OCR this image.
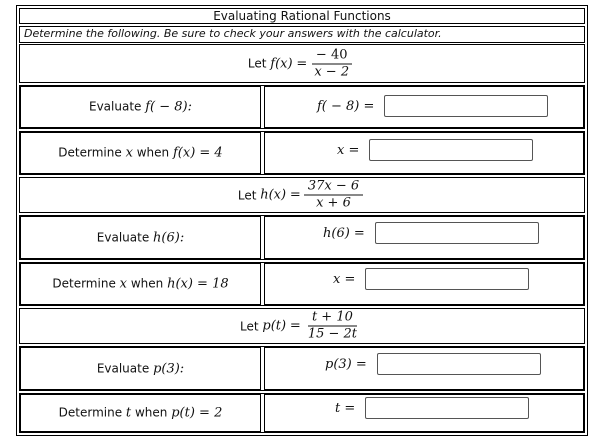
Evaluating Rational Functions
Determine the following. Be sure to check your answers with the calculator.
Let
f(x)
= $\frac{- 40}{x - 2}$
Evaluate f( − 8):	f( − 8) =
Determine x when f(x) = 4	x =
Let
h(x)
= $\frac{37x - 6}{x + 6}$
Evaluate h(6):	h(6) =
Determine x when h(x) = 18	x =
Let
p(t)
= $\frac{t + 10}{15 - 2t}$
Evaluate p(3):	p(3) =
Determine t when p(t) = 2	t =
